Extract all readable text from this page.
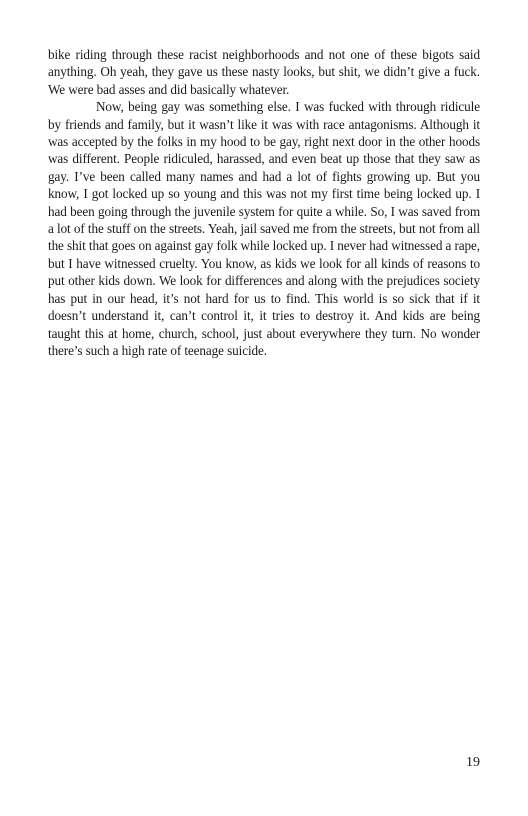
bike riding through these racist neighborhoods and not one of these bigots said anything. Oh yeah, they gave us these nasty looks, but shit, we didn’t give a fuck. We were bad asses and did basically whatever.

Now, being gay was something else. I was fucked with through ridicule by friends and family, but it wasn’t like it was with race antagonisms. Although it was accepted by the folks in my hood to be gay, right next door in the other hoods was different. People ridiculed, harassed, and even beat up those that they saw as gay. I’ve been called many names and had a lot of fights growing up. But you know, I got locked up so young and this was not my first time being locked up. I had been going through the juvenile system for quite a while. So, I was saved from a lot of the stuff on the streets. Yeah, jail saved me from the streets, but not from all the shit that goes on against gay folk while locked up. I never had witnessed a rape, but I have witnessed cruelty. You know, as kids we look for all kinds of reasons to put other kids down. We look for differences and along with the prejudices society has put in our head, it’s not hard for us to find. This world is so sick that if it doesn’t understand it, can’t control it, it tries to destroy it. And kids are being taught this at home, church, school, just about everywhere they turn. No wonder there’s such a high rate of teenage suicide.

19
